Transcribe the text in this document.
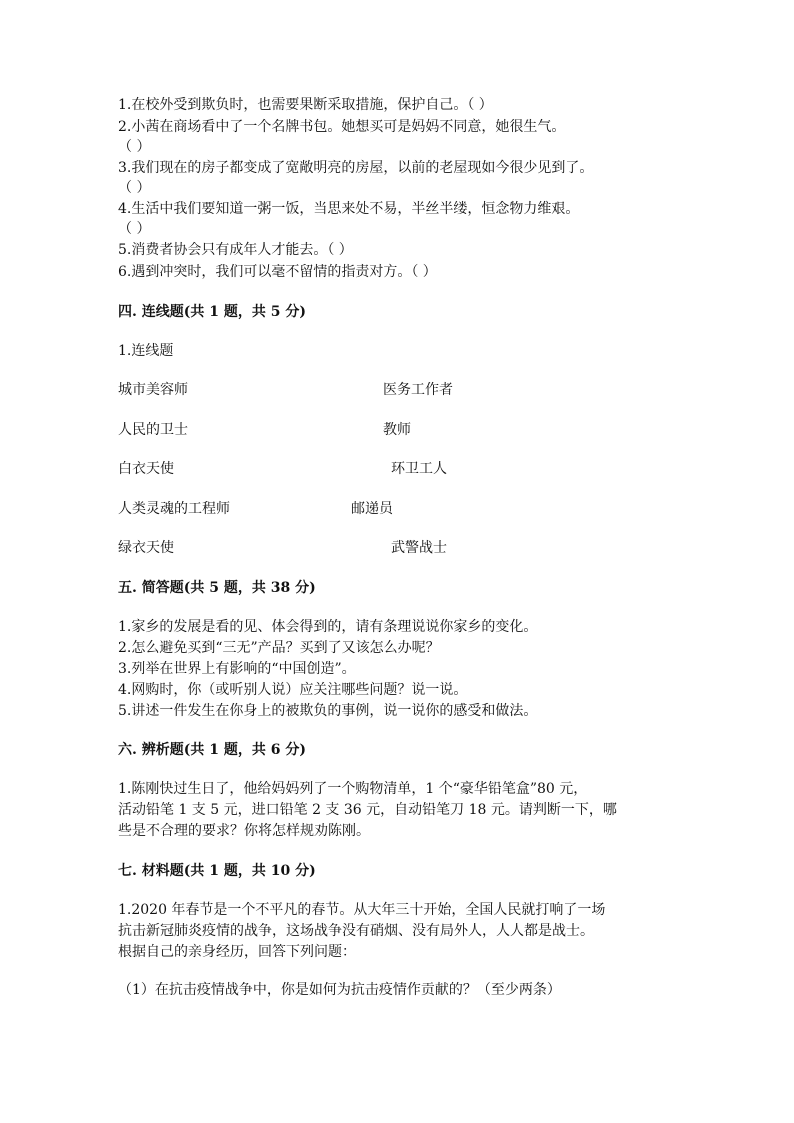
1.在校外受到欺负时，也需要果断采取措施，保护自己。（ ）
2.小茜在商场看中了一个名牌书包。她想买可是妈妈不同意，她很生气。
（ ）
3.我们现在的房子都变成了宽敞明亮的房屋，以前的老屋现如今很少见到了。
（ ）
4.生活中我们要知道一粥一饭，当思来处不易，半丝半缕，恒念物力维艰。
（ ）
5.消费者协会只有成年人才能去。（ ）
6.遇到冲突时，我们可以毫不留情的指责对方。（ ）
四. 连线题(共 1 题，共 5 分)
1.连线题
城市美容师	医务工作者
人民的卫士	教师
白衣天使	环卫工人
人类灵魂的工程师	邮递员
绿衣天使	武警战士
五. 简答题(共 5 题，共 38 分)
1.家乡的发展是看的见、体会得到的，请有条理说说你家乡的变化。
2.怎么避免买到“三无”产品？买到了又该怎么办呢？
3.列举在世界上有影响的“中国创造”。
4.网购时，你（或听别人说）应关注哪些问题？说一说。
5.讲述一件发生在你身上的被欺负的事例，说一说你的感受和做法。
六. 辨析题(共 1 题，共 6 分)
1.陈刚快过生日了，他给妈妈列了一个购物清单，1 个“豪华铅笔盒”80 元，
活动铅笔 1 支 5 元，进口铅笔 2 支 36 元，自动铅笔刀 18 元。请判断一下，哪
些是不合理的要求？你将怎样规劝陈刚。
七. 材料题(共 1 题，共 10 分)
1.2020 年春节是一个不平凡的春节。从大年三十开始，全国人民就打响了一场
抗击新冠肺炎疫情的战争，这场战争没有硝烟、没有局外人，人人都是战士。
根据自己的亲身经历，回答下列问题：
（1）在抗击疫情战争中，你是如何为抗击疫情作贡献的？（至少两条）
